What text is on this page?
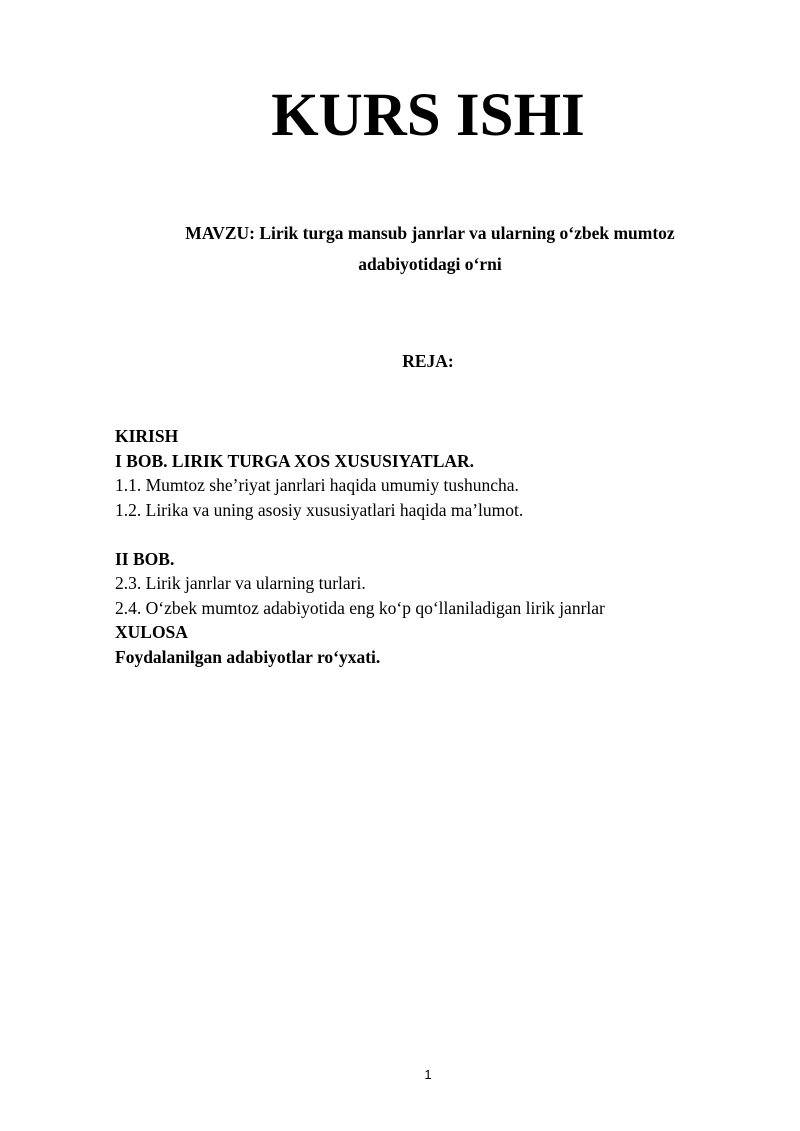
KURS ISHI

MAVZU: Lirik turga mansub janrlar va ularning o‘zbek mumtoz adabiyotidagi o‘rni

REJA:

KIRISH
I BOB. LIRIK TURGA XOS XUSUSIYATLAR.
1.1. Mumtoz she’riyat janrlari haqida umumiy tushuncha.
1.2. Lirika va uning asosiy xususiyatlari haqida ma’lumot.
II BOB.
2.3. Lirik janrlar va ularning turlari.
2.4. O‘zbek mumtoz adabiyotida eng ko‘p qo‘llaniladigan lirik janrlar
XULOSA
Foydalanilgan adabiyotlar ro‘yxati.
1
